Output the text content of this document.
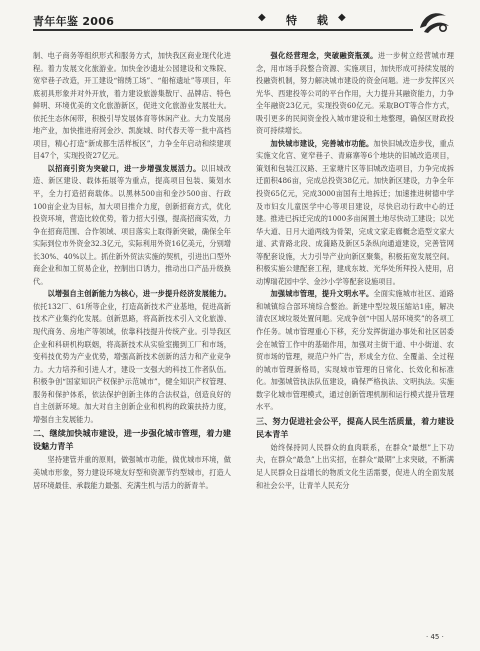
青年年鉴 2006	◆ 特 载 ◆

制、电子商务等组织形式和服务方式，加快我区商业现代化进程。着力发展文化旅游业。加快金沙遗址公园建设和文殊院、宽窄巷子改造，开工建设“锦绣工场”、“船棺遗址”等项目，年底初具形象并对外开放，着力建设旅游集散厅、品牌店、特色鲜明、环境优美的文化旅游新区，促进文化旅游业发展壮大。依托生态休闲带，积极引导发展体育等休闲产业。大力发展房地产业，加快推进府河金沙、凯旋城、时代春天等一批中高档项目，精心打造“新成都生活样板区”，力争全年启动和续建项目47个，实现投资27亿元。

以招商引资为突破口，进一步增强发展活力。以旧城改造、新区建设、载体拓展等为重点，提高项目包装、策划水平，全力打造招商载体。以黑林500亩和金沙500亩、行政100亩企业为目标，加大项目推介力度，创新招商方式，优化投资环境，营造比较优势，着力招大引强，提高招商实效，力争在招商范围、合作领域、项目落实上取得新突破，确保全年实际到位市外资金32.3亿元，实际利用外资16亿美元，分别增长30%、40%以上。抓住新外贸法实施的契机，引进出口型外商企业和加工贸易企业，控制出口诱力，推动出口产品升级换代。

以增强自主创新能力为核心，进一步提升经济发展能力。依托132厂、61所等企业，打造高新技术产业基地，促进高新技术产业集约化发展。创新思路，将高新技术引入文化旅游、现代商务、房地产等领域，依靠科技提升传统产业。引导我区企业和科研机构联姻，将高新技术从实验室搬到工厂和市场，变科技优势为产业优势，增强高新技术创新的活力和产业竞争力。大力培养和引进人才，建设一支强大的科技工作者队伍。积极争创“国家知识产权保护示范城市”，健全知识产权管理、服务和保护体系，依法保护创新主体的合法权益，创造良好的自主创新环境。加大对自主创新企业和机构的政策扶持力度，增强自主发展能力。

二、继续加快城市建设，进一步强化城市管理，着力建设魅力青羊

坚持建管并重的原则，做强城市功能，做优城市环境，做美城市形象，努力建设环境友好型和资源节约型城市，打造人居环境最佳、承载能力最强、充满生机与活力的新青羊。

强化经营理念，突破融资瓶颈。进一步树立经营城市理念，用市场手段整合资源、实施项目，加快形成可持续发展的投融资机制，努力解决城市建设的资金问题。进一步发挥区兴光华、西建投等公司的平台作用，大力提升其融资能力，力争全年融资23亿元，实现投资60亿元。采取BOT等合作方式，吸引更多的民间资金投入城市建设和土地整理，确保区财政投资可持续增长。

加快城市建设，完善城市功能。加快旧城改造步伐，重点实施文化宫、宽窄巷子、青麻寨等6个地块的旧城改造项目，策划和包装江汉路、王家塘片区等旧城改造项目，力争完成拆迁面积486亩，完成总投资38亿元。加快新区建设，力争全年投资65亿元，完成3000亩国有土地拆迁；加速推进树德中学及市妇女儿童医学中心等项目建设，尽快启动行政中心的迁建。推进已拆迁完成的1000多亩闲置土地尽快动工建设；以光华大道、日月大道两线为骨架，完成文家走廊概念造型文家大道、武青路北段、成蒲路及新区5条纵向通道建设，完善管网等配套设施，大力引导产业向新区聚集，积极拓宽发展空间。积极实施公建配套工程，建成东坡、光华处所拜投入使用，启动博瑞花园中学、金沙小学等配套设施项目。

加强城市管理，提升文明水平。全面实施城市社区、道路和城镇综合部环境综合整治。新建中型垃圾压缩站1座，解决清农区域垃圾处置问题。完成争创“中国人居环境奖”的各项工作任务。城市管理重心下移，充分发挥街道办事处和社区居委会在城管工作中的基础作用，加强对主街干道、中小街道、农贸市场的管理，规范户外广告，形成全方位、全覆盖、全过程的城市管理新格局，实现城市管理的日常化、长效化和标准化。加强城管执法队伍建设，确保严格执法、文明执法。实施数字化城市管理模式，通过创新管理机制和运行模式提升管理水平。

三、努力促进社会公平，提高人民生活质量，着力建设民本青羊

始终保持同人民群众的血肉联系，在群众“最想”上下功夫，在群众“最急”上出实招，在群众“最期”上求突破，不断满足人民群众日益增长的物质文化生活需要，促进人的全面发展和社会公平，让青羊人民充分

· 45 ·
